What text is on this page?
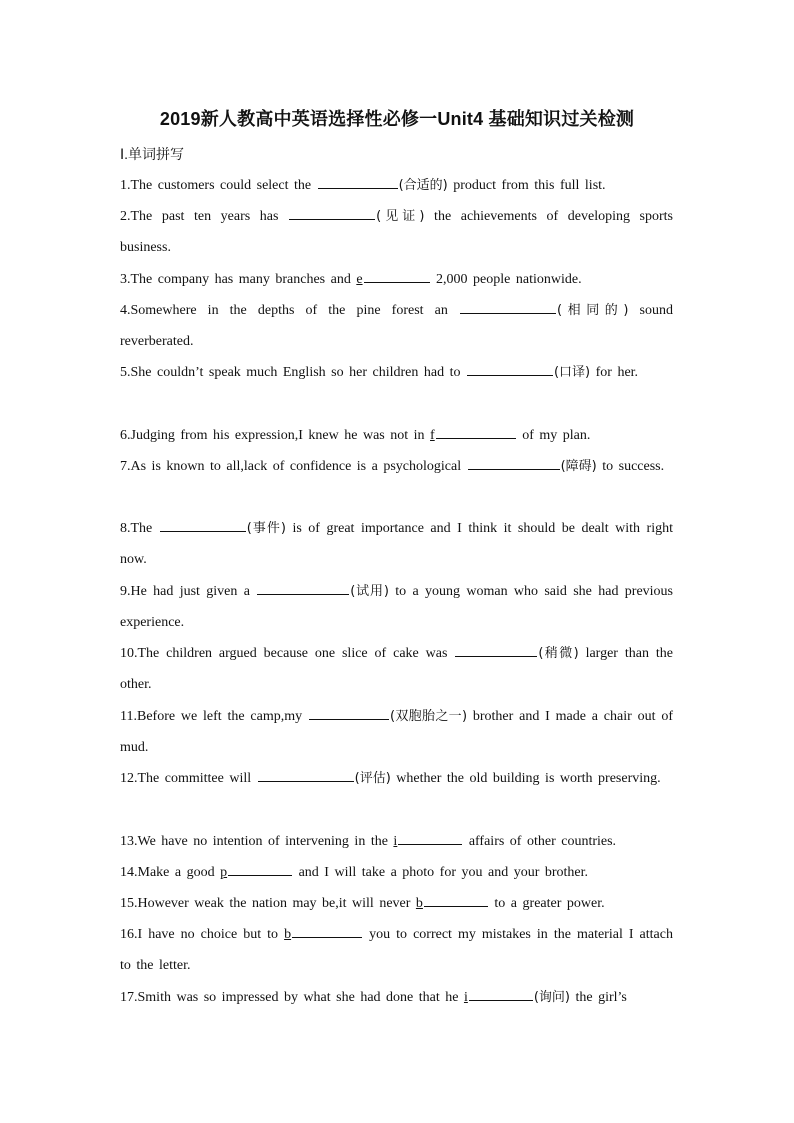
2019新人教高中英语选择性必修一Unit4 基础知识过关检测
Ⅰ.单词拼写
1.The customers could select the	(合适的) product from this full list.
2.The past ten years has	(见证) the achievements of developing sports business.
3.The company has many branches and e	2,000 people nationwide.
4.Somewhere in the depths of the pine forest an	(相同的) sound reverberated.
5.She couldn’t speak much English so her children had to	(口译) for her.
6.Judging from his expression,I knew he was not in f	of my plan.
7.As is known to all,lack of confidence is a psychological	(障碍) to success.
8.The	(事件) is of great importance and I think it should be dealt with right now.
9.He had just given a	(试用) to a young woman who said she had previous experience.
10.The children argued because one slice of cake was	(稍微) larger than the other.
11.Before we left the camp,my	(双胞胎之一) brother and I made a chair out of mud.
12.The committee will	(评估) whether the old building is worth preserving.
13.We have no intention of intervening in the i	affairs of other countries.
14.Make a good p	and I will take a photo for you and your brother.
15.However weak the nation may be,it will never b	to a greater power.
16.I have no choice but to b	you to correct my mistakes in the material I attach to the letter.
17.Smith was so impressed by what she had done that he i	(询问) the girl’s
